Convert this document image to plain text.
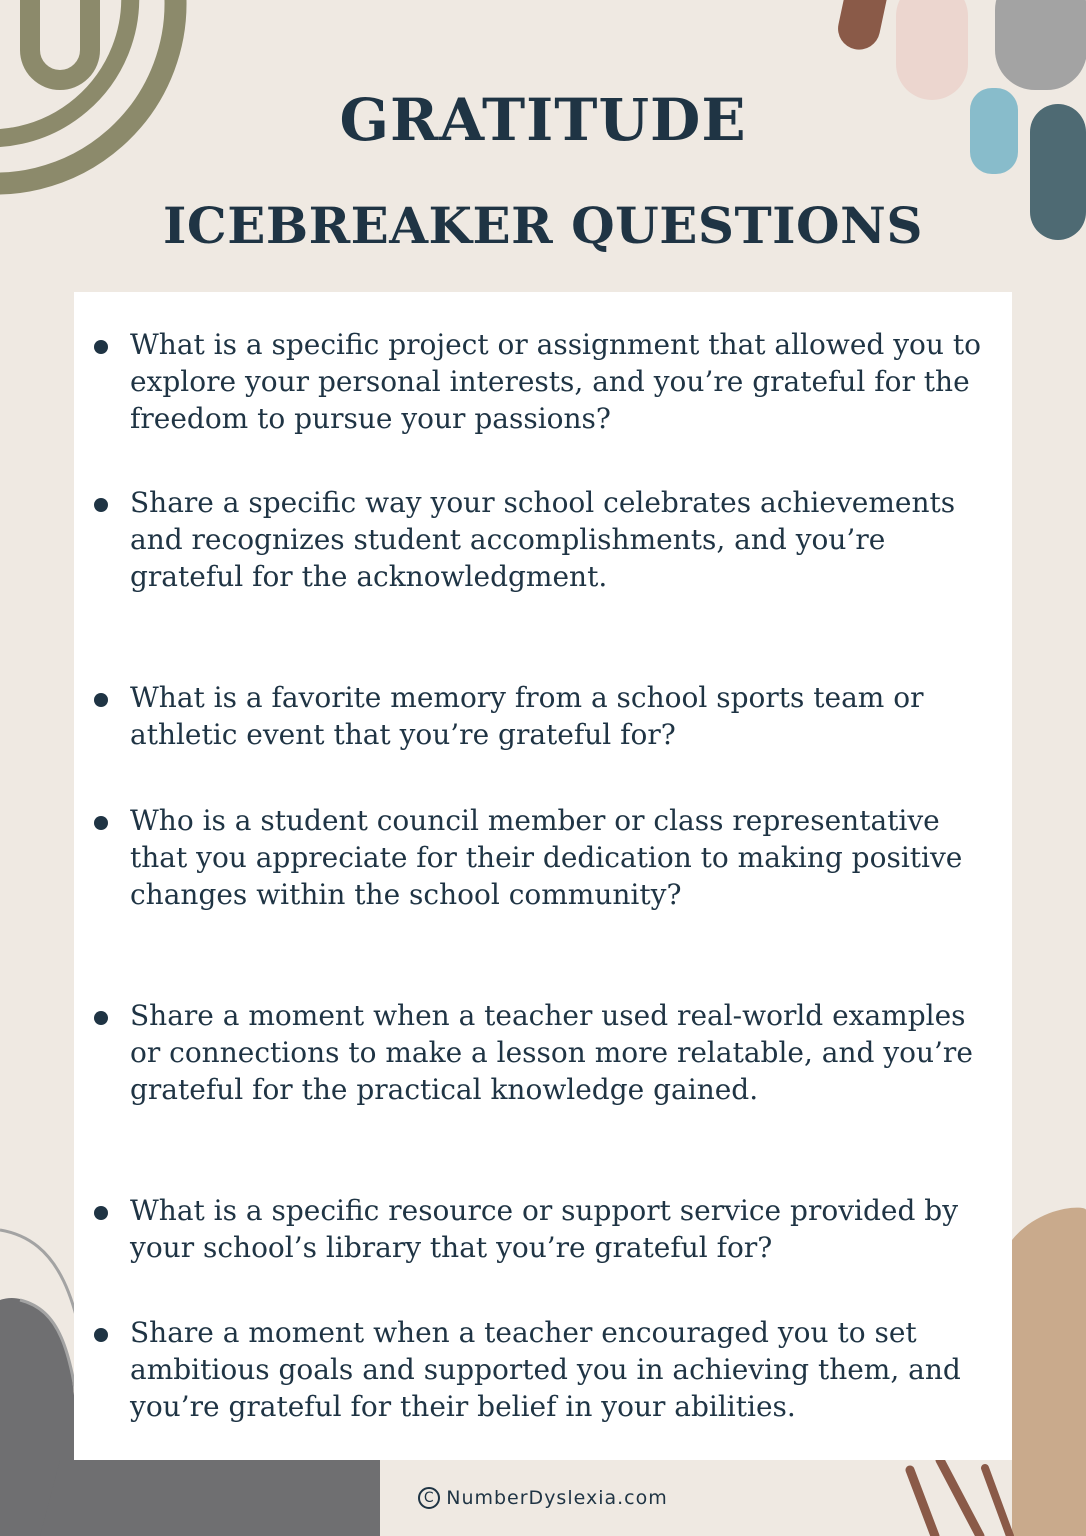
GRATITUDE
ICEBREAKER QUESTIONS
What is a specific project or assignment that allowed you to explore your personal interests, and you’re grateful for the freedom to pursue your passions?
Share a specific way your school celebrates achievements and recognizes student accomplishments, and you’re grateful for the acknowledgment.
What is a favorite memory from a school sports team or athletic event that you’re grateful for?
Who is a student council member or class representative that you appreciate for their dedication to making positive changes within the school community?
Share a moment when a teacher used real-world examples or connections to make a lesson more relatable, and you’re grateful for the practical knowledge gained.
What is a specific resource or support service provided by your school’s library that you’re grateful for?
Share a moment when a teacher encouraged you to set ambitious goals and supported you in achieving them, and you’re grateful for their belief in your abilities.
C NumberDyslexia.com
